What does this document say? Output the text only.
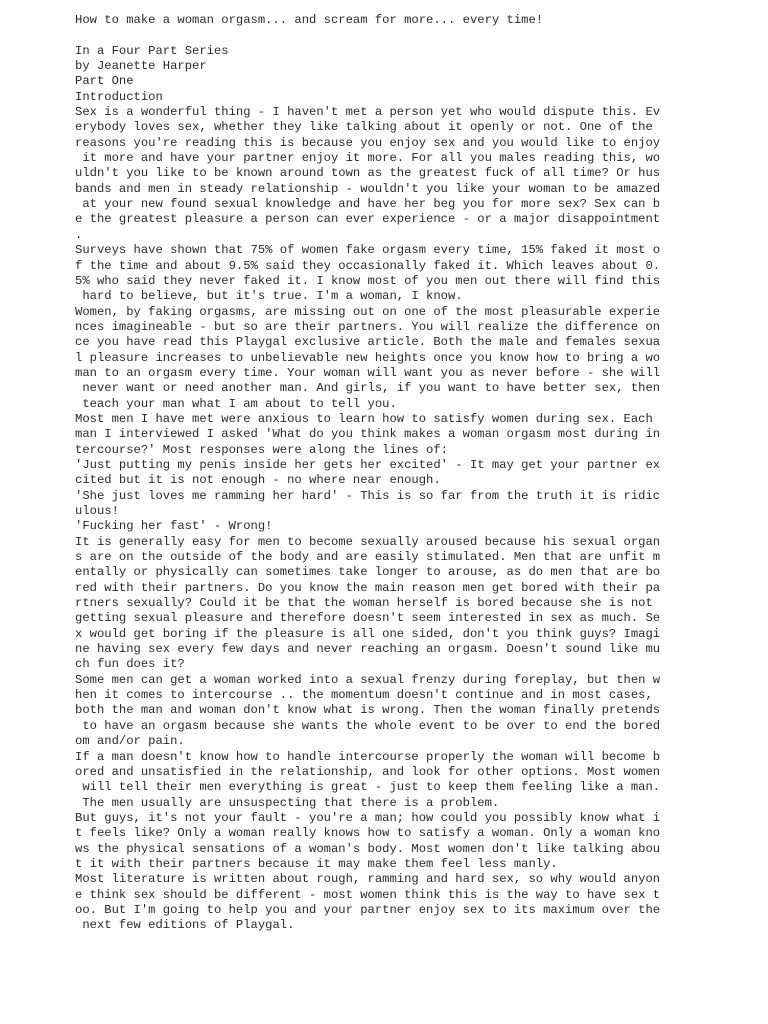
How to make a woman orgasm... and scream for more... every time!
In a Four Part Series
by Jeanette Harper
Part One
Introduction
Sex is a wonderful thing - I haven't met a person yet who would dispute this. Ev
erybody loves sex, whether they like talking about it openly or not. One of the
reasons you're reading this is because you enjoy sex and you would like to enjoy
it more and have your partner enjoy it more. For all you males reading this, wo
uldn't you like to be known around town as the greatest fuck of all time? Or hus
bands and men in steady relationship - wouldn't you like your woman to be amazed
at your new found sexual knowledge and have her beg you for more sex? Sex can b
e the greatest pleasure a person can ever experience - or a major disappointment
.
Surveys have shown that 75% of women fake orgasm every time, 15% faked it most o
f the time and about 9.5% said they occasionally faked it. Which leaves about 0.
5% who said they never faked it. I know most of you men out there will find this
hard to believe, but it's true. I'm a woman, I know.
Women, by faking orgasms, are missing out on one of the most pleasurable experie
nces imagineable - but so are their partners. You will realize the difference on
ce you have read this Playgal exclusive article. Both the male and females sexua
l pleasure increases to unbelievable new heights once you know how to bring a wo
man to an orgasm every time. Your woman will want you as never before - she will
never want or need another man. And girls, if you want to have better sex, then
teach your man what I am about to tell you.
Most men I have met were anxious to learn how to satisfy women during sex. Each
man I interviewed I asked 'What do you think makes a woman orgasm most during in
tercourse?' Most responses were along the lines of:
'Just putting my penis inside her gets her excited' - It may get your partner ex
cited but it is not enough - no where near enough.
'She just loves me ramming her hard' - This is so far from the truth it is ridic
ulous!
'Fucking her fast' - Wrong!
It is generally easy for men to become sexually aroused because his sexual organ
s are on the outside of the body and are easily stimulated. Men that are unfit m
entally or physically can sometimes take longer to arouse, as do men that are bo
red with their partners. Do you know the main reason men get bored with their pa
rtners sexually? Could it be that the woman herself is bored because she is not
getting sexual pleasure and therefore doesn't seem interested in sex as much. Se
x would get boring if the pleasure is all one sided, don't you think guys? Imagi
ne having sex every few days and never reaching an orgasm. Doesn't sound like mu
ch fun does it?
Some men can get a woman worked into a sexual frenzy during foreplay, but then w
hen it comes to intercourse .. the momentum doesn't continue and in most cases,
both the man and woman don't know what is wrong. Then the woman finally pretends
to have an orgasm because she wants the whole event to be over to end the bored
om and/or pain.
If a man doesn't know how to handle intercourse properly the woman will become b
ored and unsatisfied in the relationship, and look for other options. Most women
will tell their men everything is great - just to keep them feeling like a man.
The men usually are unsuspecting that there is a problem.
But guys, it's not your fault - you're a man; how could you possibly know what i
t feels like? Only a woman really knows how to satisfy a woman. Only a woman kno
ws the physical sensations of a woman's body. Most women don't like talking abou
t it with their partners because it may make them feel less manly.
Most literature is written about rough, ramming and hard sex, so why would anyon
e think sex should be different - most women think this is the way to have sex t
oo. But I'm going to help you and your partner enjoy sex to its maximum over the
next few editions of Playgal.
